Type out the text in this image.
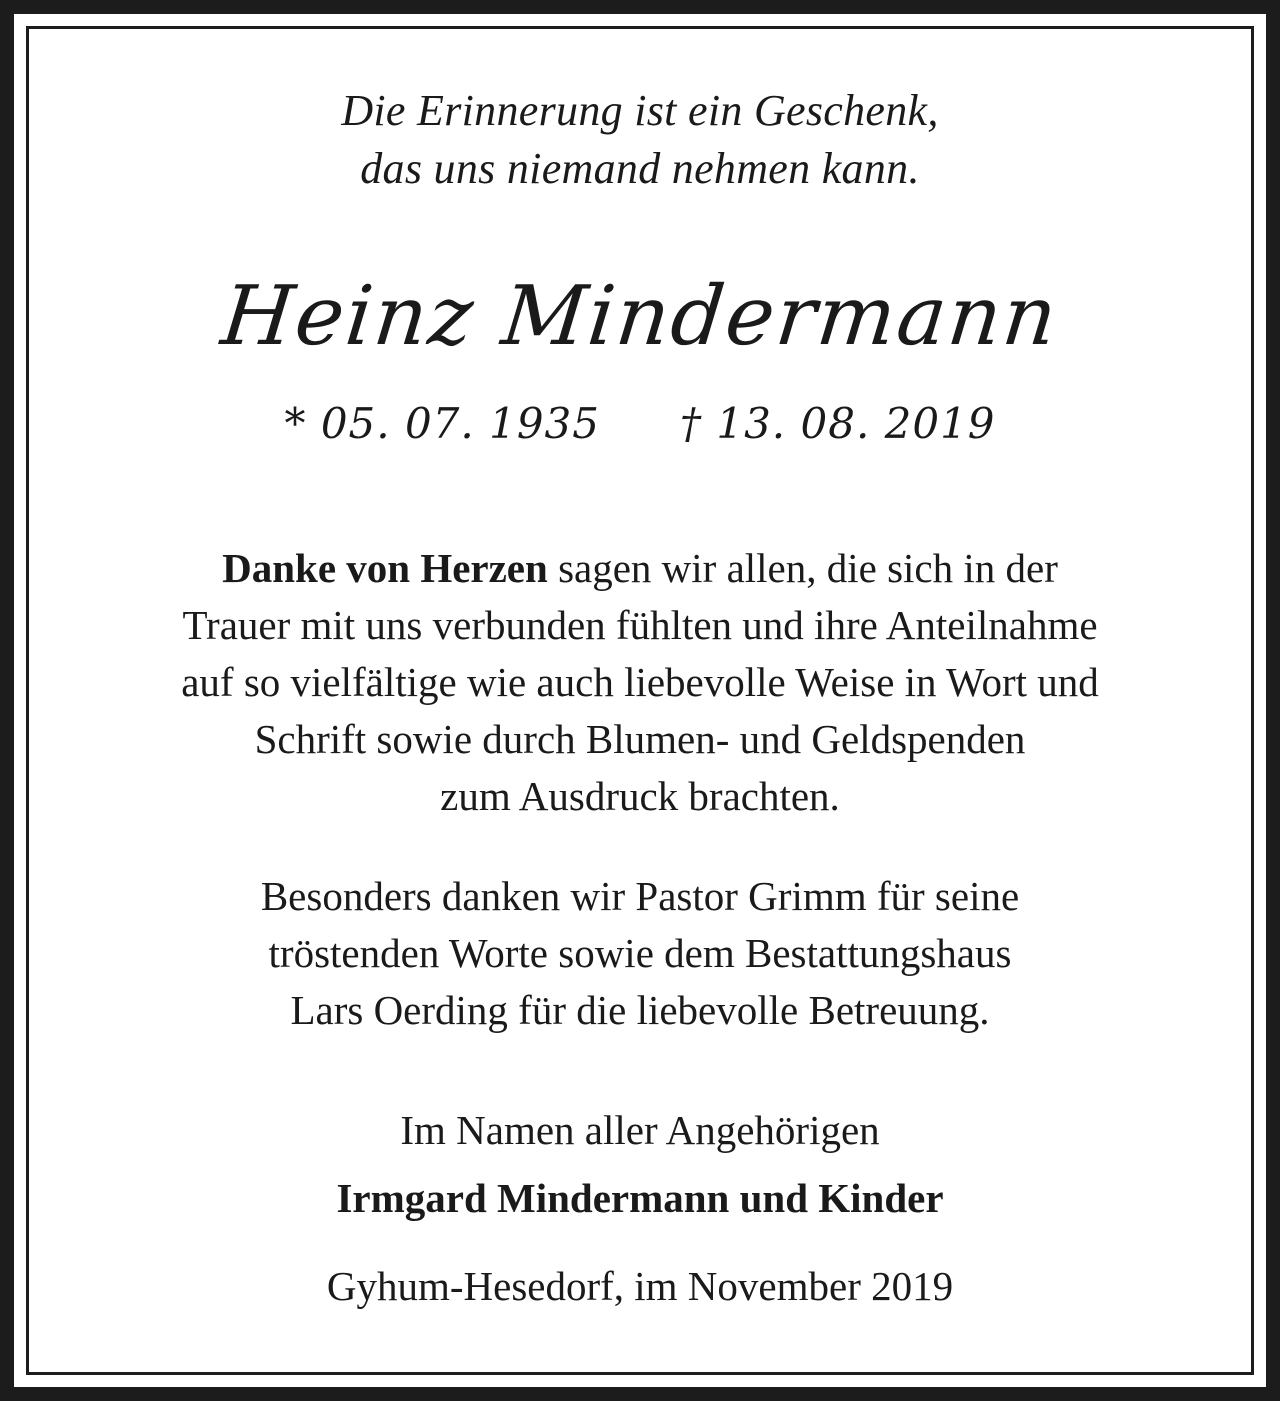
Die Erinnerung ist ein Geschenk,
das uns niemand nehmen kann.
Heinz Mindermann
* 05. 07. 1935 † 13. 08. 2019
Danke von Herzen sagen wir allen, die sich in der
Trauer mit uns verbunden fühlten und ihre Anteilnahme
auf so vielfältige wie auch liebevolle Weise in Wort und
Schrift sowie durch Blumen- und Geldspenden
zum Ausdruck brachten.
Besonders danken wir Pastor Grimm für seine
tröstenden Worte sowie dem Bestattungshaus
Lars Oerding für die liebevolle Betreuung.
Im Namen aller Angehörigen
Irmgard Mindermann und Kinder
Gyhum-Hesedorf, im November 2019
